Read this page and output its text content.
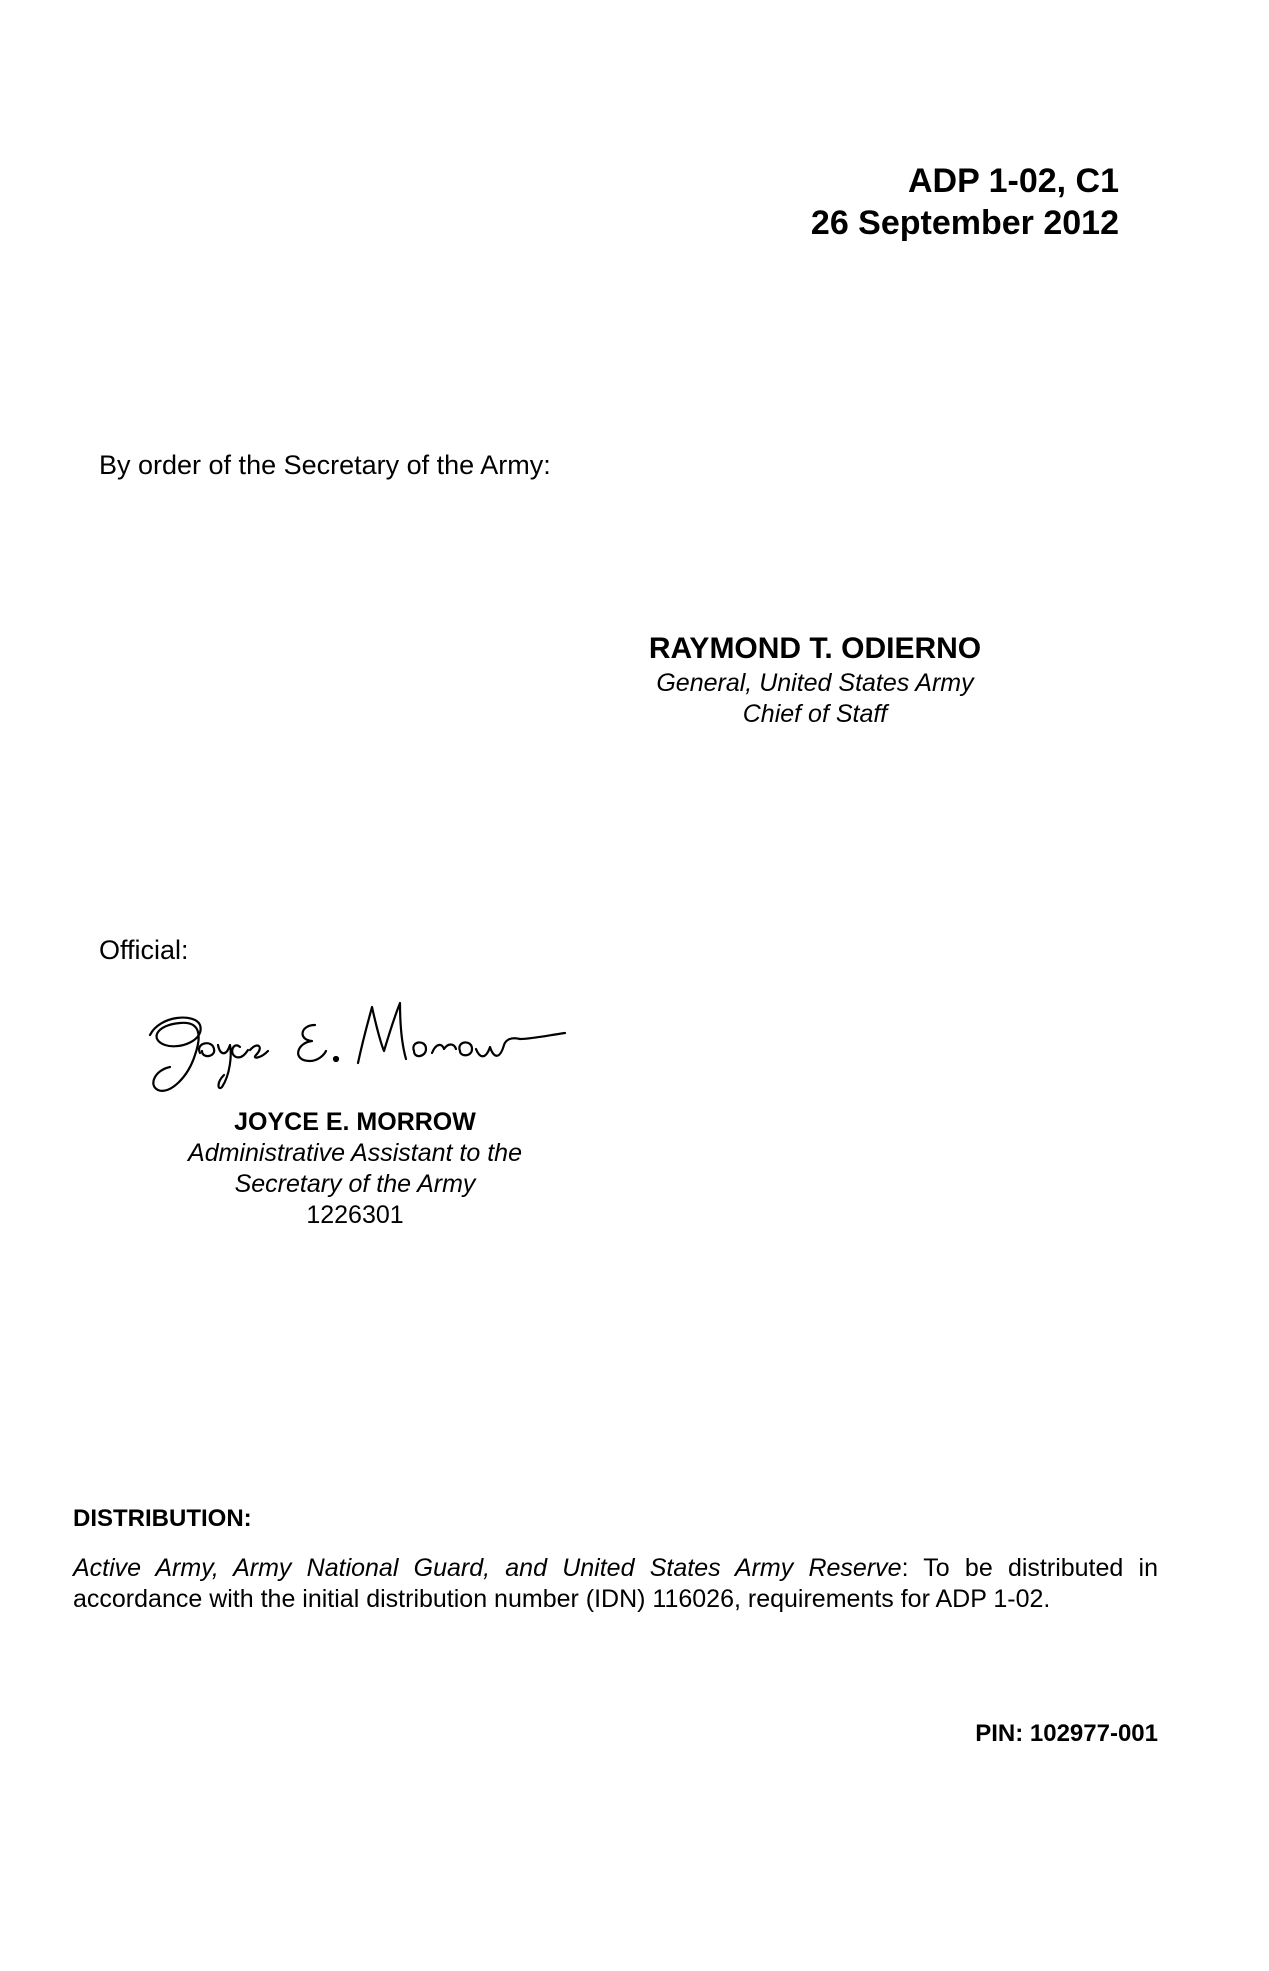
ADP 1-02, C1
26 September 2012
By order of the Secretary of the Army:
RAYMOND T. ODIERNO
General, United States Army
Chief of Staff
Official:
JOYCE E. MORROW
Administrative Assistant to the
Secretary of the Army
1226301
DISTRIBUTION:
Active Army, Army National Guard, and United States Army Reserve: To be distributed in accordance with the initial distribution number (IDN) 116026, requirements for ADP 1-02.
PIN: 102977-001
